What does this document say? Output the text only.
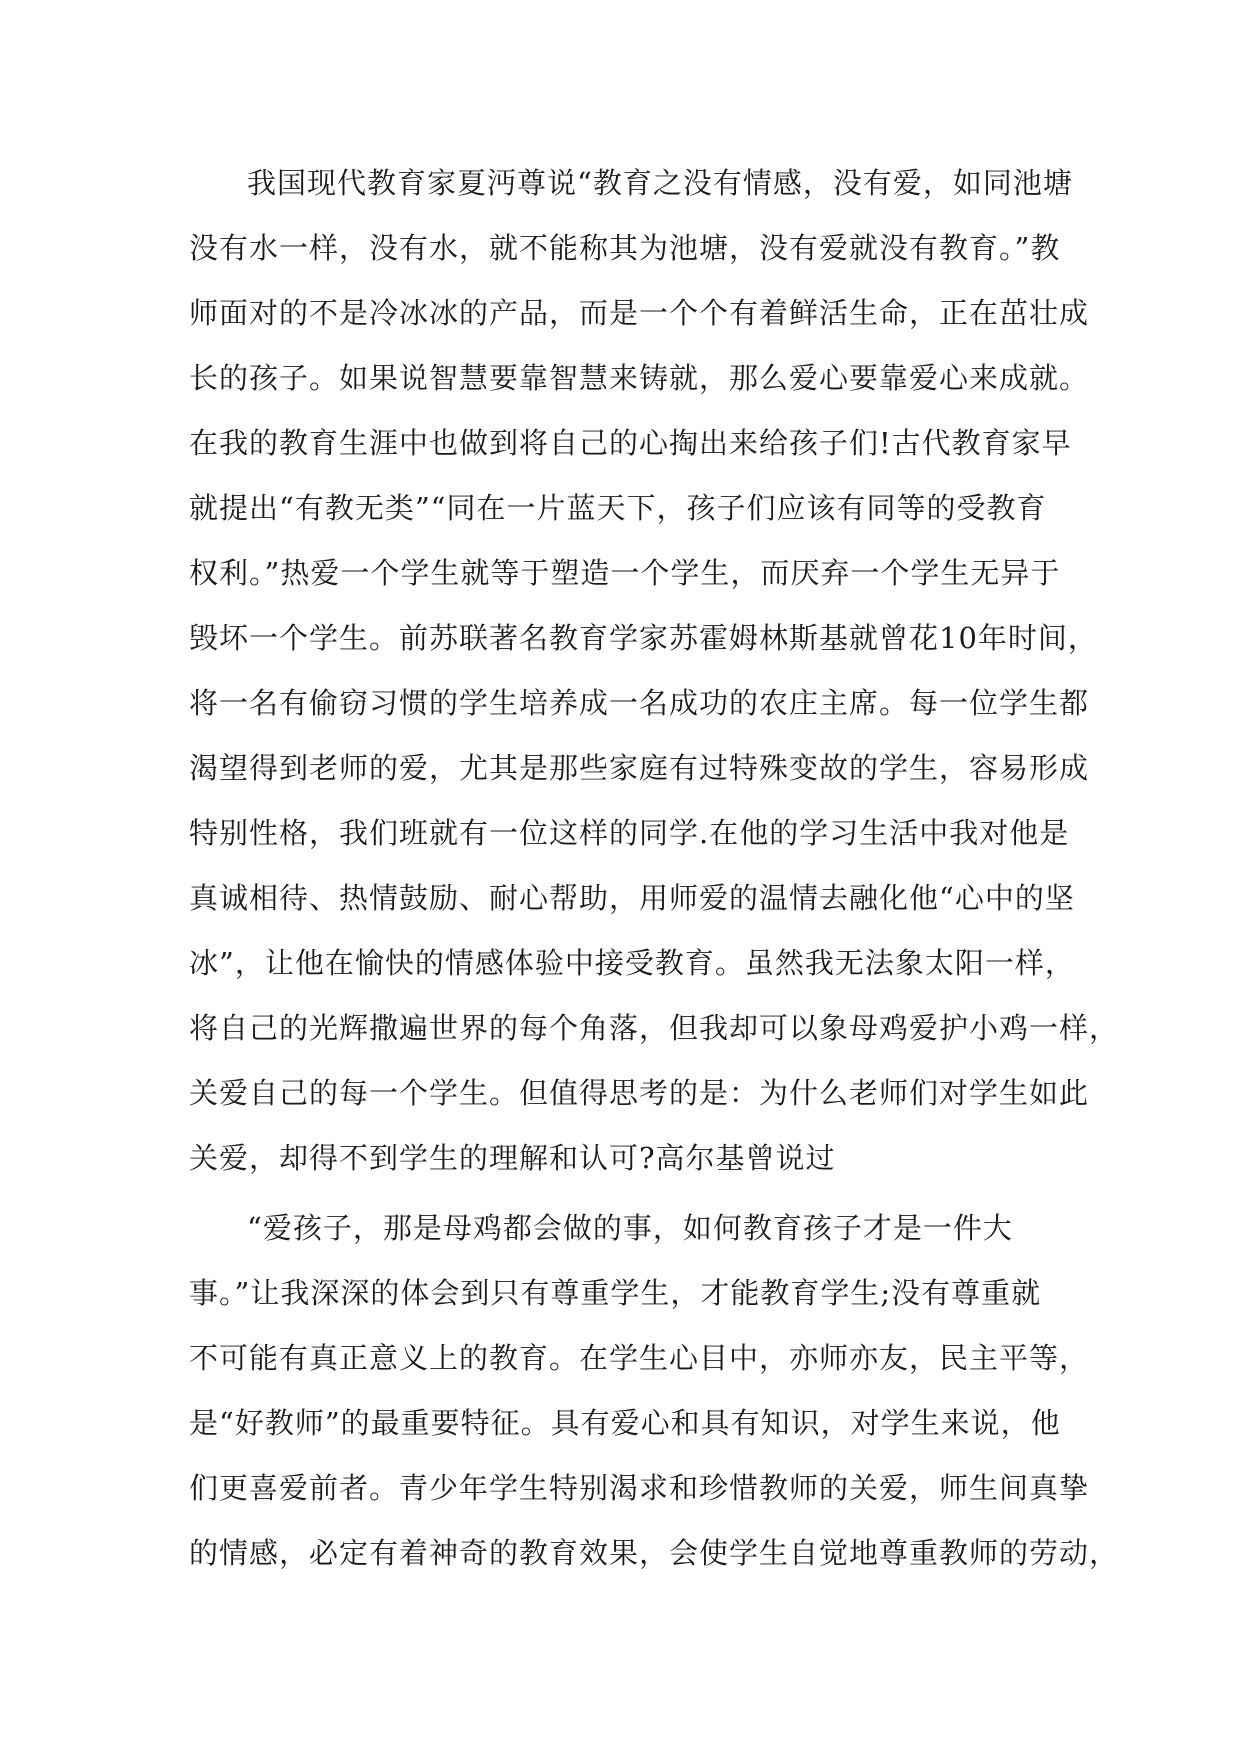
我国现代教育家夏沔尊说“教育之没有情感，没有爱，如同池塘
没有水一样，没有水，就不能称其为池塘，没有爱就没有教育。”教
师面对的不是冷冰冰的产品，而是一个个有着鲜活生命，正在茁壮成
长的孩子。如果说智慧要靠智慧来铸就，那么爱心要靠爱心来成就。
在我的教育生涯中也做到将自己的心掏出来给孩子们!古代教育家早
就提出“有教无类”“同在一片蓝天下，孩子们应该有同等的受教育
权利。”热爱一个学生就等于塑造一个学生，而厌弃一个学生无异于
毁坏一个学生。前苏联著名教育学家苏霍姆林斯基就曾花10年时间，
将一名有偷窃习惯的学生培养成一名成功的农庄主席。每一位学生都
渴望得到老师的爱，尤其是那些家庭有过特殊变故的学生，容易形成
特别性格，我们班就有一位这样的同学.在他的学习生活中我对他是
真诚相待、热情鼓励、耐心帮助，用师爱的温情去融化他“心中的坚
冰”，让他在愉快的情感体验中接受教育。虽然我无法象太阳一样，
将自己的光辉撒遍世界的每个角落，但我却可以象母鸡爱护小鸡一样，
关爱自己的每一个学生。但值得思考的是：为什么老师们对学生如此
关爱，却得不到学生的理解和认可?高尔基曾说过
“爱孩子，那是母鸡都会做的事，如何教育孩子才是一件大
事。”让我深深的体会到只有尊重学生，才能教育学生;没有尊重就
不可能有真正意义上的教育。在学生心目中，亦师亦友，民主平等，
是“好教师”的最重要特征。具有爱心和具有知识，对学生来说，他
们更喜爱前者。青少年学生特别渴求和珍惜教师的关爱，师生间真挚
的情感，必定有着神奇的教育效果，会使学生自觉地尊重教师的劳动，
